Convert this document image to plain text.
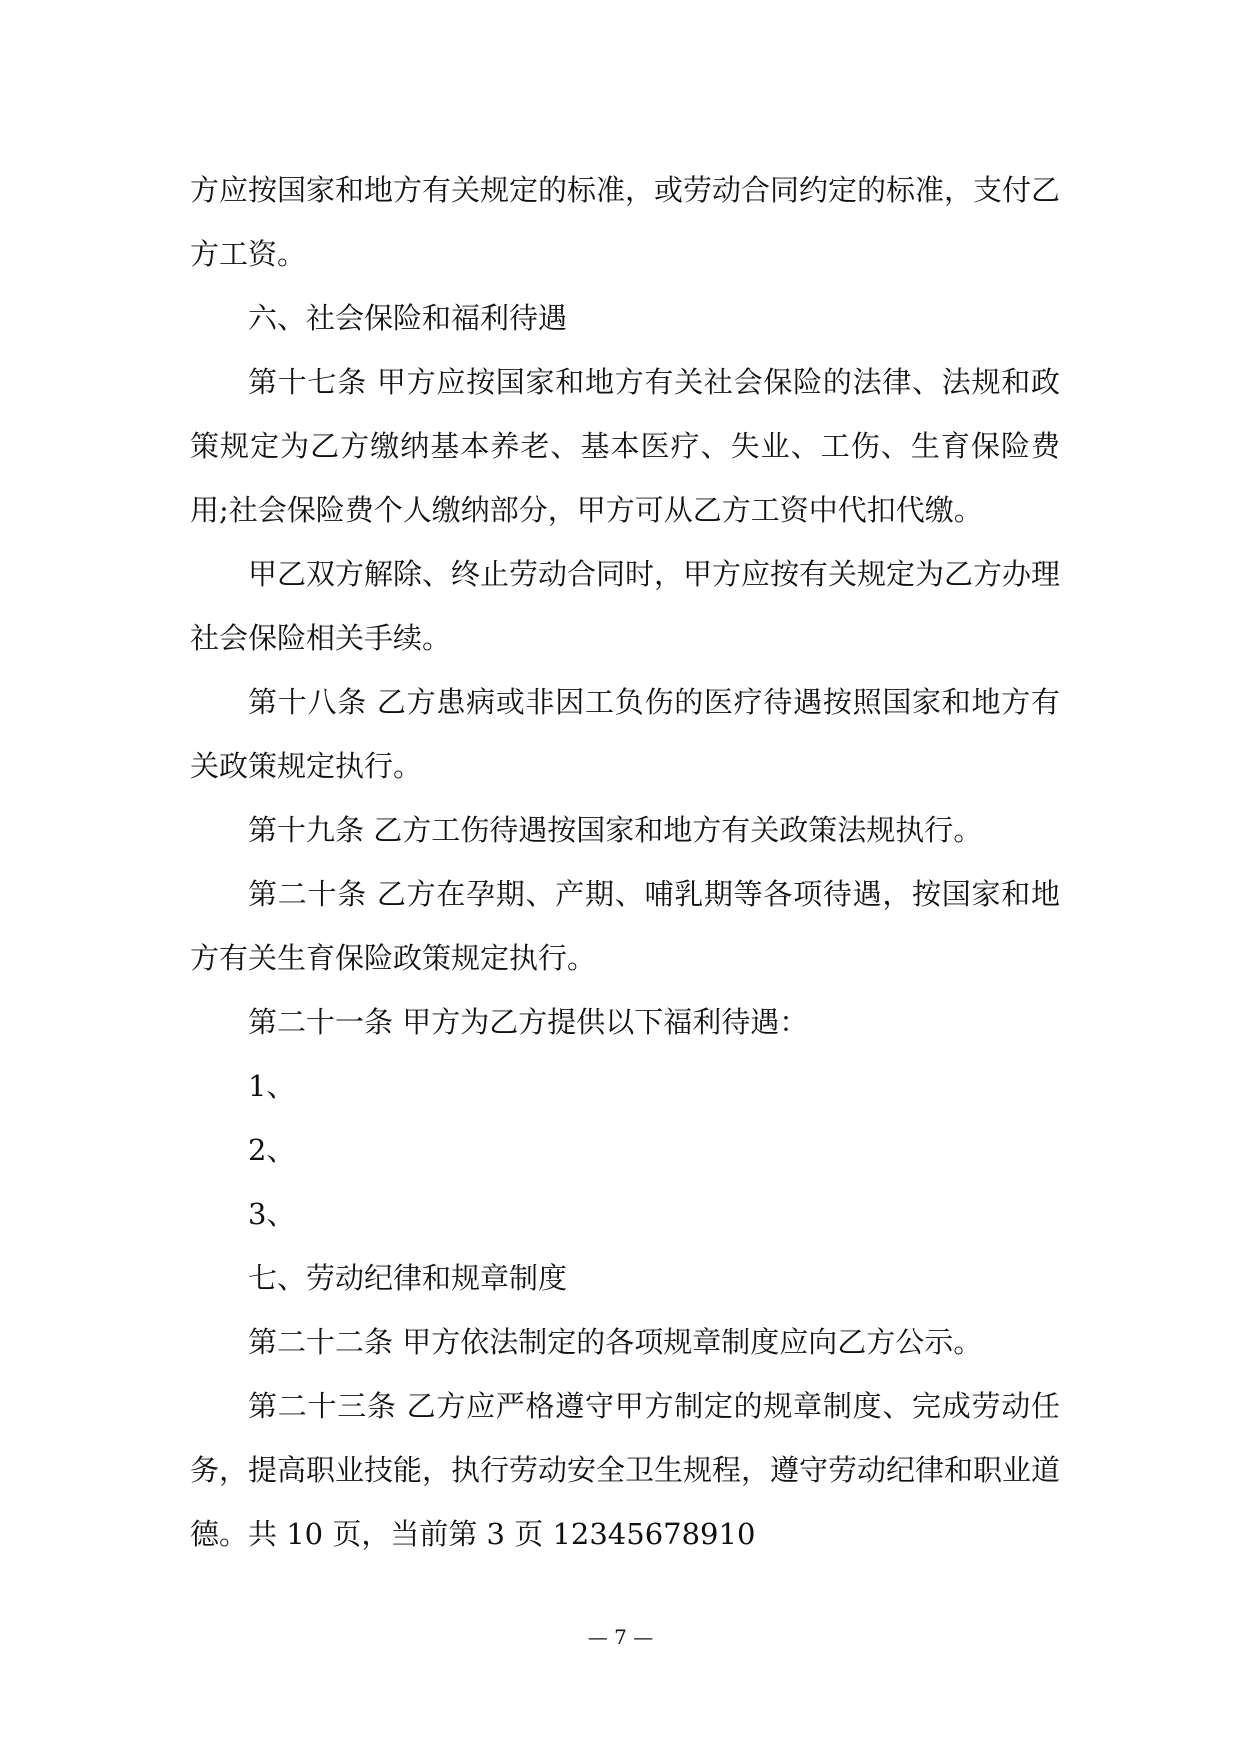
方应按国家和地方有关规定的标准，或劳动合同约定的标准，支付乙方工资。

六、社会保险和福利待遇

第十七条 甲方应按国家和地方有关社会保险的法律、法规和政策规定为乙方缴纳基本养老、基本医疗、失业、工伤、生育保险费用;社会保险费个人缴纳部分，甲方可从乙方工资中代扣代缴。

甲乙双方解除、终止劳动合同时，甲方应按有关规定为乙方办理社会保险相关手续。

第十八条 乙方患病或非因工负伤的医疗待遇按照国家和地方有关政策规定执行。

第十九条 乙方工伤待遇按国家和地方有关政策法规执行。

第二十条 乙方在孕期、产期、哺乳期等各项待遇，按国家和地方有关生育保险政策规定执行。

第二十一条 甲方为乙方提供以下福利待遇：

1、

2、

3、

七、劳动纪律和规章制度

第二十二条 甲方依法制定的各项规章制度应向乙方公示。

第二十三条 乙方应严格遵守甲方制定的规章制度、完成劳动任务，提高职业技能，执行劳动安全卫生规程，遵守劳动纪律和职业道德。共 10 页，当前第 3 页 12345678910

— 7 —
